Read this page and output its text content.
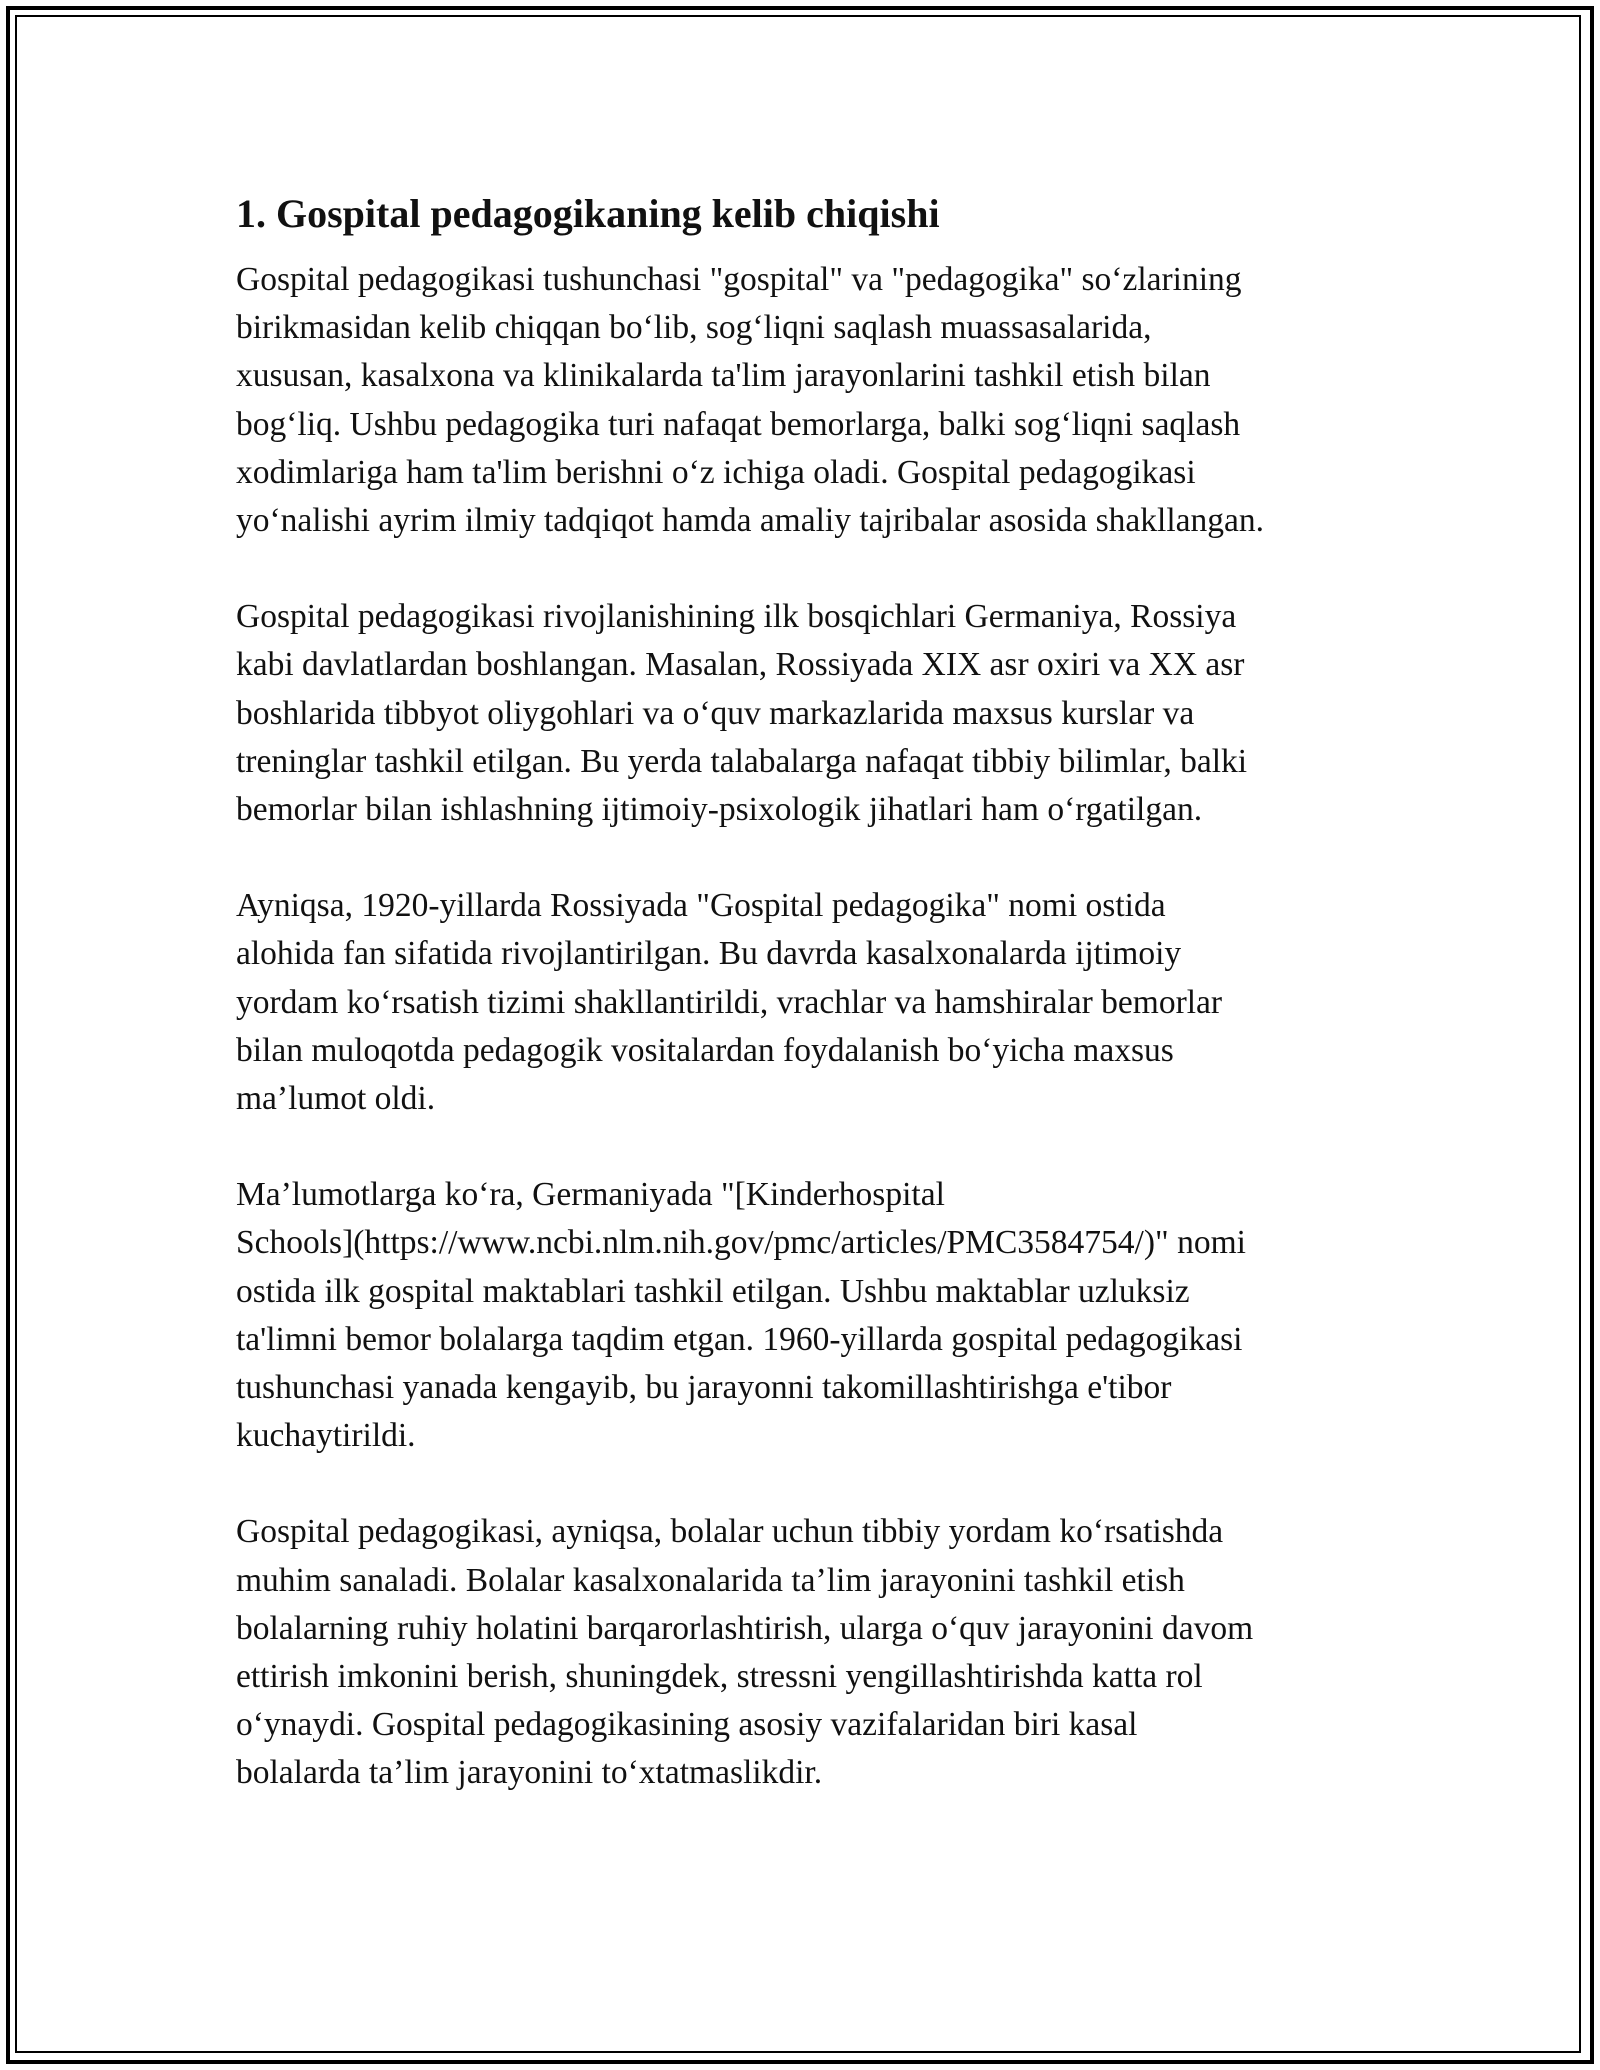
1. Gospital pedagogikaning kelib chiqishi

Gospital pedagogikasi tushunchasi "gospital" va "pedagogika" so‘zlarining
birikmasidan kelib chiqqan bo‘lib, sog‘liqni saqlash muassasalarida,
xususan, kasalxona va klinikalarda ta'lim jarayonlarini tashkil etish bilan
bog‘liq. Ushbu pedagogika turi nafaqat bemorlarga, balki sog‘liqni saqlash
xodimlariga ham ta'lim berishni o‘z ichiga oladi. Gospital pedagogikasi
yo‘nalishi ayrim ilmiy tadqiqot hamda amaliy tajribalar asosida shakllangan.

Gospital pedagogikasi rivojlanishining ilk bosqichlari Germaniya, Rossiya
kabi davlatlardan boshlangan. Masalan, Rossiyada XIX asr oxiri va XX asr
boshlarida tibbyot oliygohlari va o‘quv markazlarida maxsus kurslar va
treninglar tashkil etilgan. Bu yerda talabalarga nafaqat tibbiy bilimlar, balki
bemorlar bilan ishlashning ijtimoiy-psixologik jihatlari ham o‘rgatilgan.

Ayniqsa, 1920-yillarda Rossiyada "Gospital pedagogika" nomi ostida
alohida fan sifatida rivojlantirilgan. Bu davrda kasalxonalarda ijtimoiy
yordam ko‘rsatish tizimi shakllantirildi, vrachlar va hamshiralar bemorlar
bilan muloqotda pedagogik vositalardan foydalanish bo‘yicha maxsus
ma’lumot oldi.

Ma’lumotlarga ko‘ra, Germaniyada "[Kinderhospital
Schools](https://www.ncbi.nlm.nih.gov/pmc/articles/PMC3584754/)" nomi
ostida ilk gospital maktablari tashkil etilgan. Ushbu maktablar uzluksiz
ta'limni bemor bolalarga taqdim etgan. 1960-yillarda gospital pedagogikasi
tushunchasi yanada kengayib, bu jarayonni takomillashtirishga e'tibor
kuchaytirildi.

Gospital pedagogikasi, ayniqsa, bolalar uchun tibbiy yordam ko‘rsatishda
muhim sanaladi. Bolalar kasalxonalarida ta’lim jarayonini tashkil etish
bolalarning ruhiy holatini barqarorlashtirish, ularga o‘quv jarayonini davom
ettirish imkonini berish, shuningdek, stressni yengillashtirishda katta rol
o‘ynaydi. Gospital pedagogikasining asosiy vazifalaridan biri kasal
bolalarda ta’lim jarayonini to‘xtatmaslikdir.
